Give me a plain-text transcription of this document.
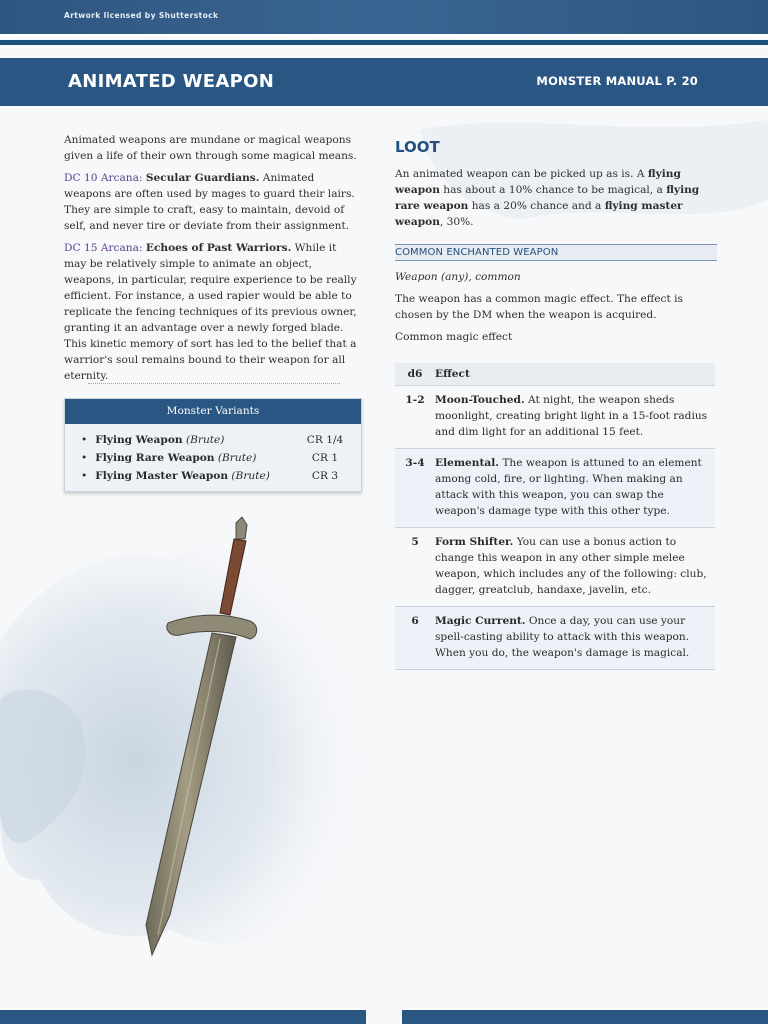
Artwork licensed by Shutterstock
ANIMATED WEAPON	MONSTER MANUAL P. 20

Animated weapons are mundane or magical weapons given a life of their own through some magical means.

DC 10 Arcana: Secular Guardians. Animated weapons are often used by mages to guard their lairs. They are simple to craft, easy to maintain, devoid of self, and never tire or deviate from their assignment.

DC 15 Arcana: Echoes of Past Warriors. While it may be relatively simple to animate an object, weapons, in particular, require experience to be really efficient. For instance, a used rapier would be able to replicate the fencing techniques of its previous owner, granting it an advantage over a newly forged blade. This kinetic memory of sort has led to the belief that a warrior's soul remains bound to their weapon for all eternity.

Monster Variants
• Flying Weapon (Brute)	CR 1/4
• Flying Rare Weapon (Brute)	CR 1
• Flying Master Weapon (Brute)	CR 3
LOOT

An animated weapon can be picked up as is. A flying weapon has about a 10% chance to be magical, a flying rare weapon has a 20% chance and a flying master weapon, 30%.

COMMON ENCHANTED WEAPON

Weapon (any), common

The weapon has a common magic effect. The effect is chosen by the DM when the weapon is acquired.

Common magic effect

d6	Effect
1-2 Moon-Touched. At night, the weapon sheds moonlight, creating bright light in a 15-foot radius and dim light for an additional 15 feet.
3-4 Elemental. The weapon is attuned to an element among cold, fire, or lighting. When making an attack with this weapon, you can swap the weapon's damage type with this other type.
5	Form Shifter. You can use a bonus action to change this weapon in any other simple melee weapon, which includes any of the following: club, dagger, greatclub, handaxe, javelin, etc.
6	Magic Current. Once a day, you can use your spell-casting ability to attack with this weapon. When you do, the weapon's damage is magical.
